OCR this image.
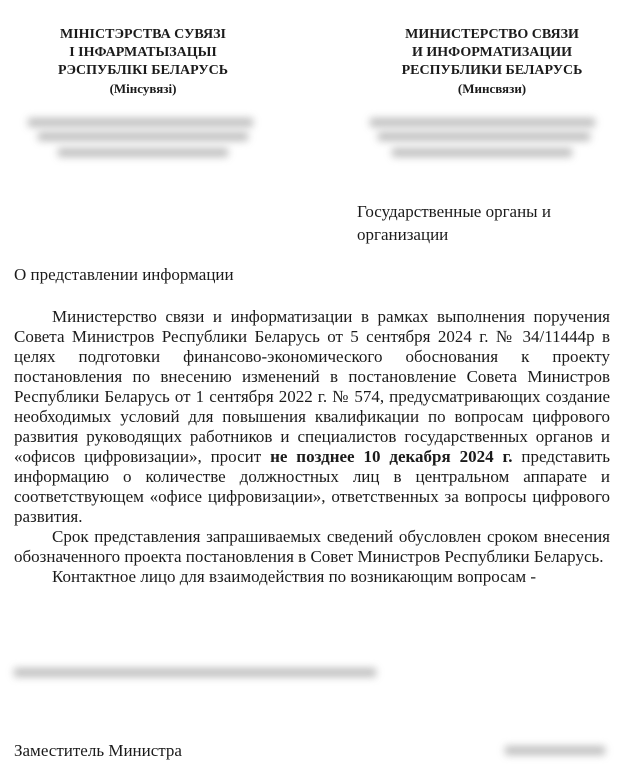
МІНІСТЭРСТВА СУВЯЗІ
І ІНФАРМАТЫЗАЦЫІ
РЭСПУБЛІКІ БЕЛАРУСЬ
(Мінсувязі)
МИНИСТЕРСТВО СВЯЗИ
И ИНФОРМАТИЗАЦИИ
РЕСПУБЛИКИ БЕЛАРУСЬ
(Минсвязи)
Государственные органы и
организации
О представлении информации

Министерство связи и информатизации в рамках выполнения поручения Совета Министров Республики Беларусь от 5 сентября 2024 г. № 34/11444р в целях подготовки финансово-экономического обоснования к проекту постановления по внесению изменений в постановление Совета Министров Республики Беларусь от 1 сентября 2022 г. № 574, предусматривающих создание необходимых условий для повышения квалификации по вопросам цифрового развития руководящих работников и специалистов государственных органов и «офисов цифровизации», просит не позднее 10 декабря 2024 г. представить информацию о количестве должностных лиц в центральном аппарате и соответствующем «офисе цифровизации», ответственных за вопросы цифрового развития.

Срок представления запрашиваемых сведений обусловлен сроком внесения обозначенного проекта постановления в Совет Министров Республики Беларусь.

Контактное лицо для взаимодействия по возникающим вопросам -

Заместитель Министра
